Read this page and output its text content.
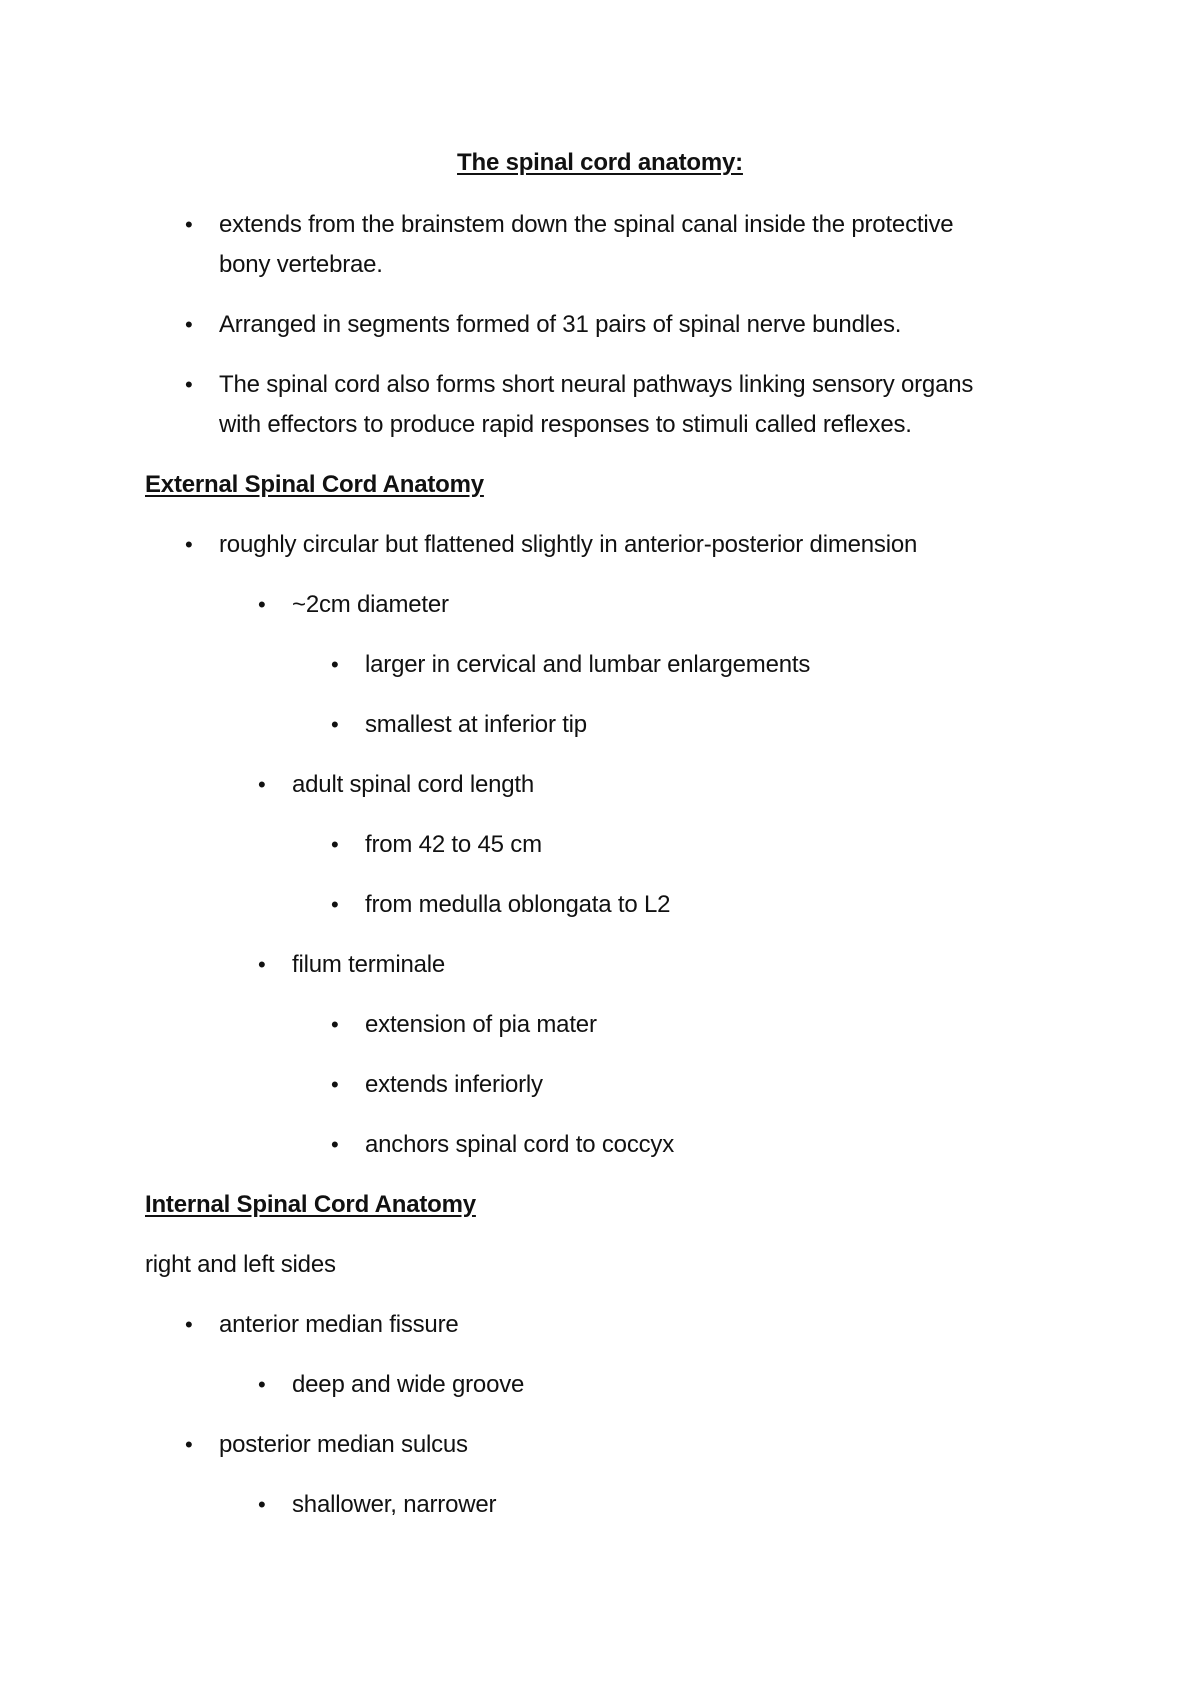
The spinal cord anatomy:
• extends from the brainstem down the spinal canal inside the protective
bony vertebrae.
• Arranged in segments formed of 31 pairs of spinal nerve bundles.
• The spinal cord also forms short neural pathways linking sensory organs
with effectors to produce rapid responses to stimuli called reflexes.
External Spinal Cord Anatomy
• roughly circular but flattened slightly in anterior-posterior dimension
• ~2cm diameter
• larger in cervical and lumbar enlargements
• smallest at inferior tip
• adult spinal cord length
• from 42 to 45 cm
• from medulla oblongata to L2
• filum terminale
• extension of pia mater
• extends inferiorly
• anchors spinal cord to coccyx
Internal Spinal Cord Anatomy
right and left sides
• anterior median fissure
• deep and wide groove
• posterior median sulcus
• shallower, narrower
